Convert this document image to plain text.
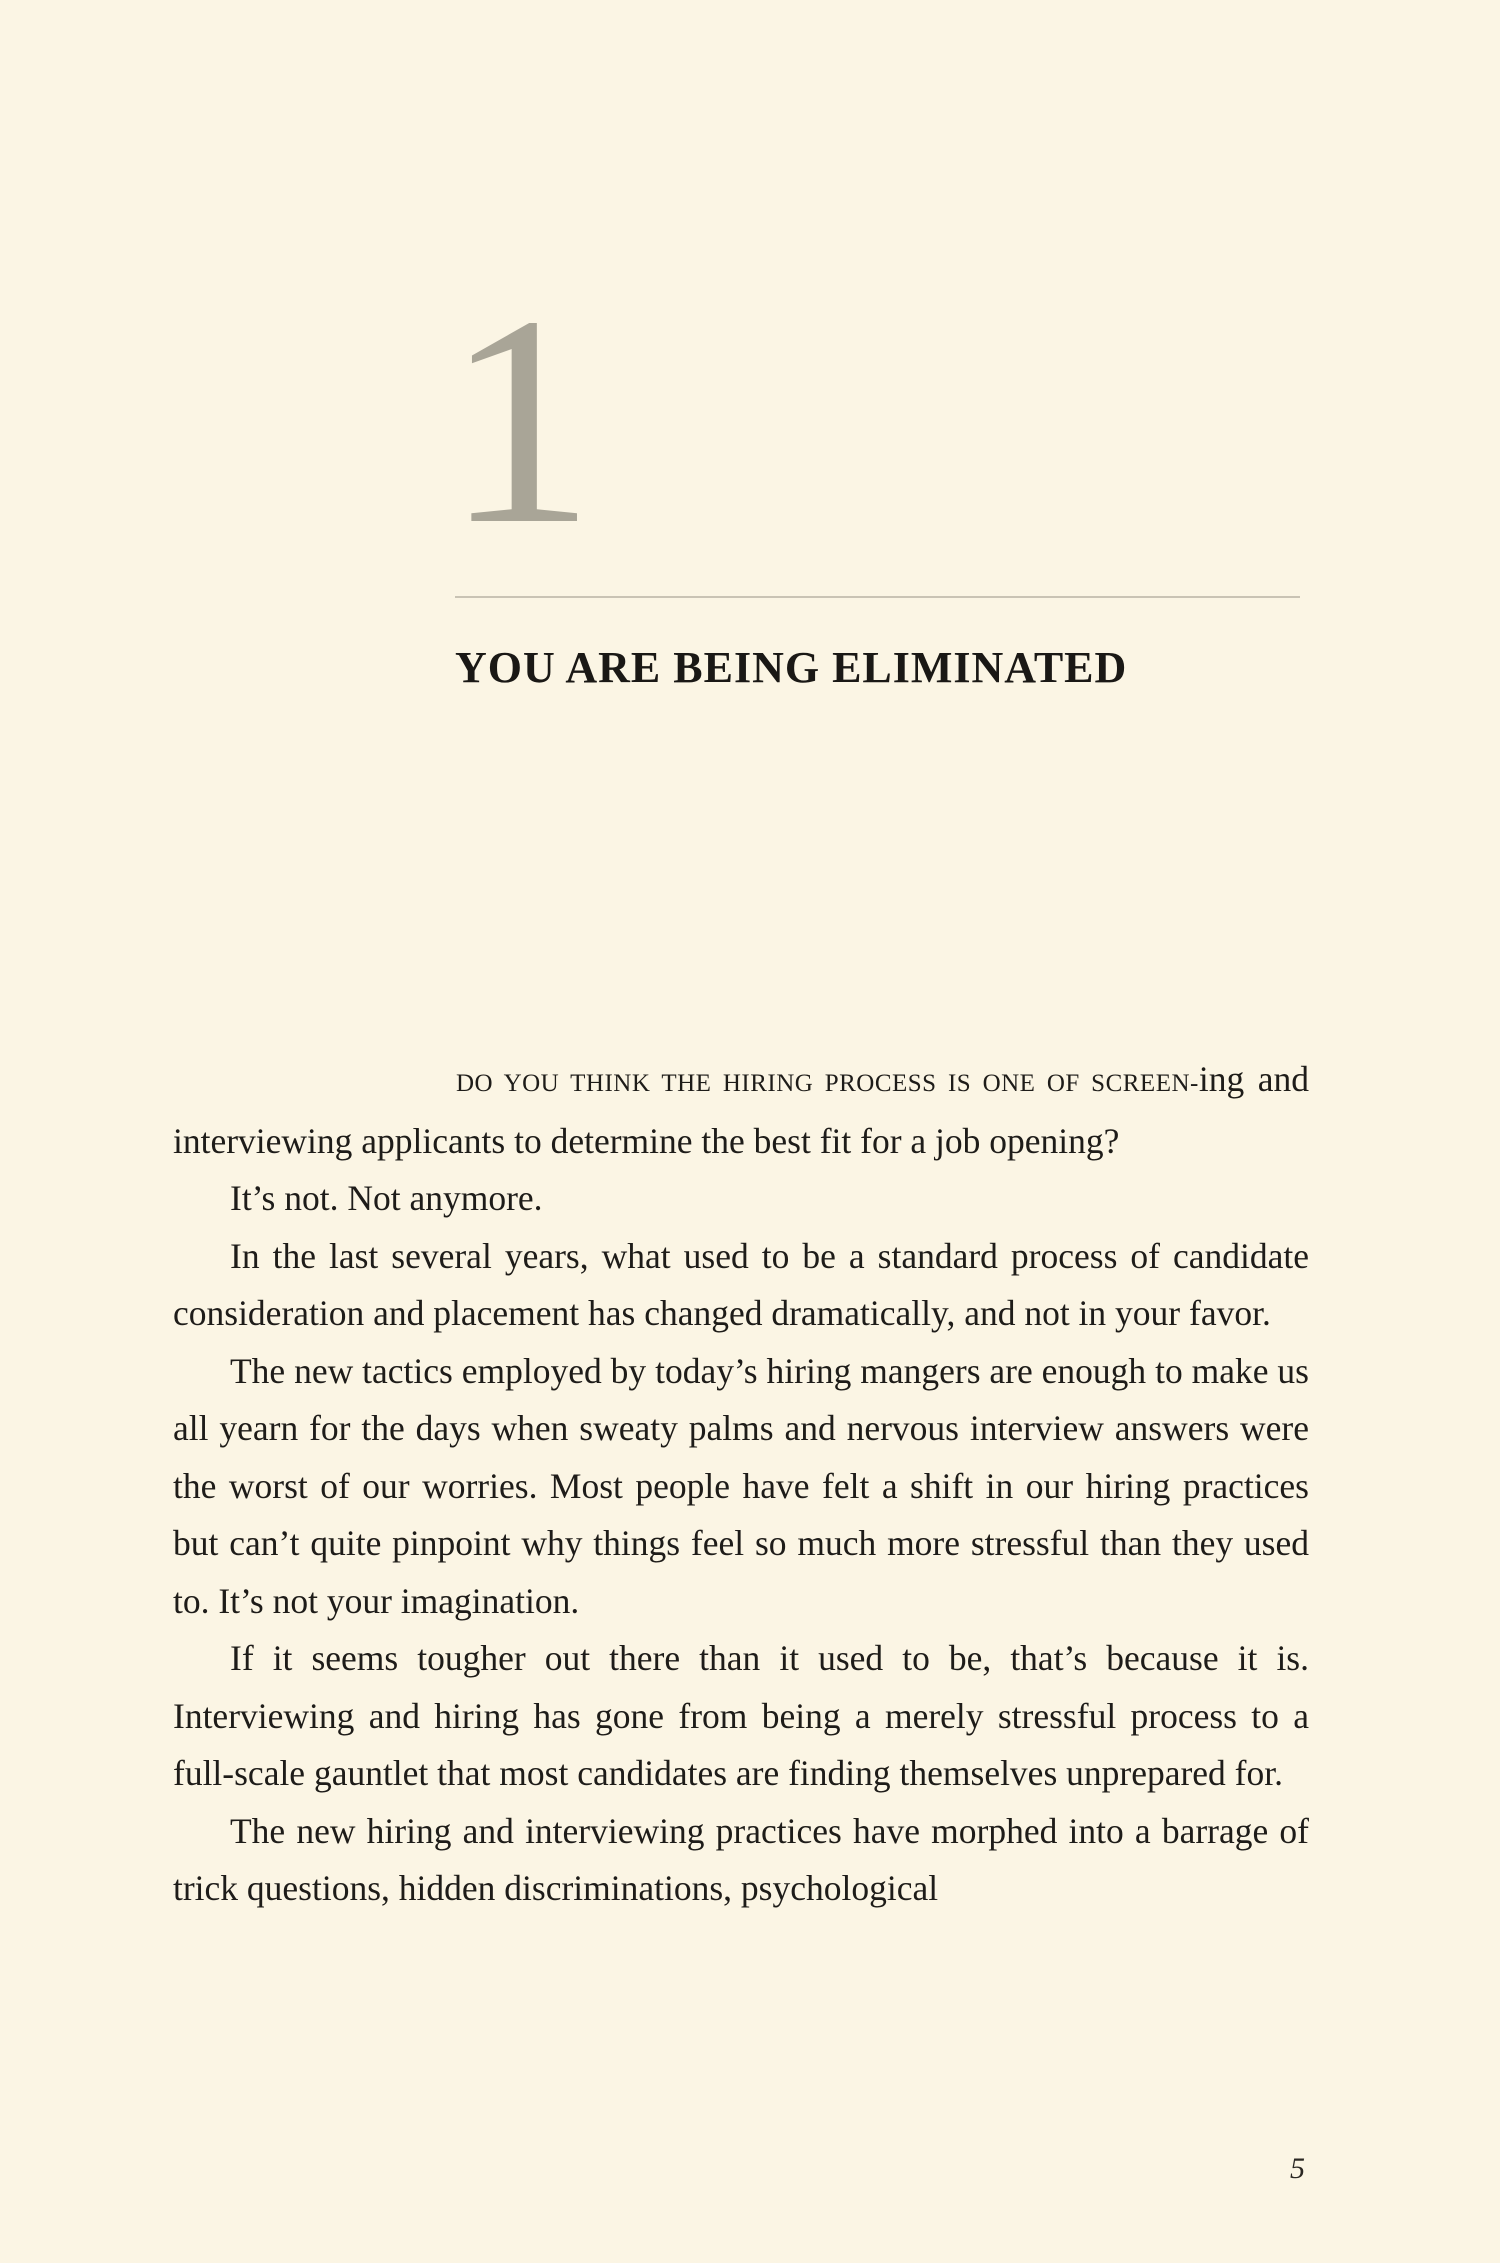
1
YOU ARE BEING ELIMINATED

DO YOU THINK THE HIRING PROCESS IS ONE OF SCREEN-ing and interviewing applicants to determine the best fit for a job opening?

It’s not. Not anymore.

In the last several years, what used to be a standard process of candidate consideration and placement has changed dramatically, and not in your favor.

The new tactics employed by today’s hiring mangers are enough to make us all yearn for the days when sweaty palms and nervous interview answers were the worst of our worries. Most people have felt a shift in our hiring practices but can’t quite pinpoint why things feel so much more stressful than they used to. It’s not your imagination.

If it seems tougher out there than it used to be, that’s because it is. Interviewing and hiring has gone from being a merely stressful process to a full-scale gauntlet that most candidates are finding themselves unprepared for.

The new hiring and interviewing practices have morphed into a barrage of trick questions, hidden discriminations, psychological

5
